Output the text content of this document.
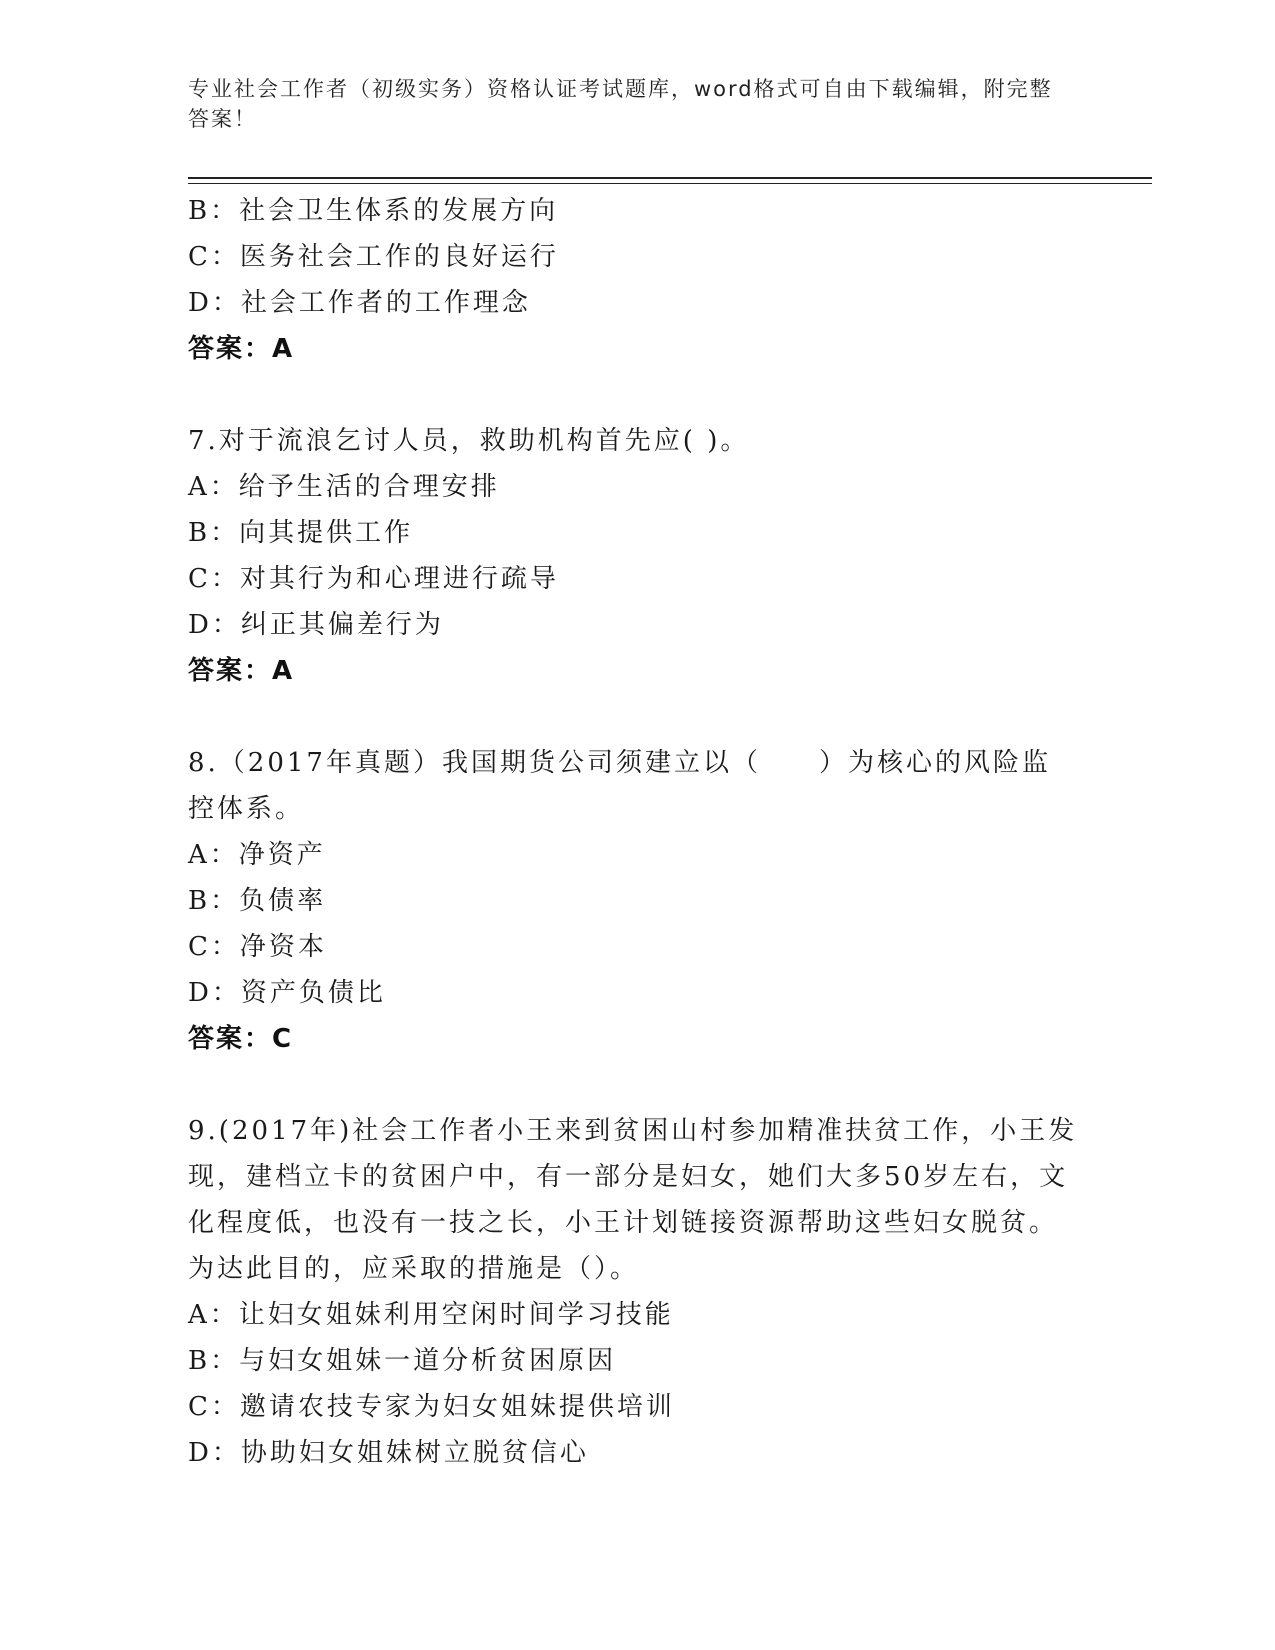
专业社会工作者（初级实务）资格认证考试题库，word格式可自由下载编辑，附完整答案！
B：社会卫生体系的发展方向
C：医务社会工作的良好运行
D：社会工作者的工作理念
答案：A
7.对于流浪乞讨人员，救助机构首先应( )。
A：给予生活的合理安排
B：向其提供工作
C：对其行为和心理进行疏导
D：纠正其偏差行为
答案：A
8.（2017年真题）我国期货公司须建立以（　　）为核心的风险监控体系。
A：净资产
B：负债率
C：净资本
D：资产负债比
答案：C
9.(2017年)社会工作者小王来到贫困山村参加精准扶贫工作，小王发现，建档立卡的贫困户中，有一部分是妇女，她们大多50岁左右，文化程度低，也没有一技之长，小王计划链接资源帮助这些妇女脱贫。为达此目的，应采取的措施是（）。
A：让妇女姐妹利用空闲时间学习技能
B：与妇女姐妹一道分析贫困原因
C：邀请农技专家为妇女姐妹提供培训
D：协助妇女姐妹树立脱贫信心
